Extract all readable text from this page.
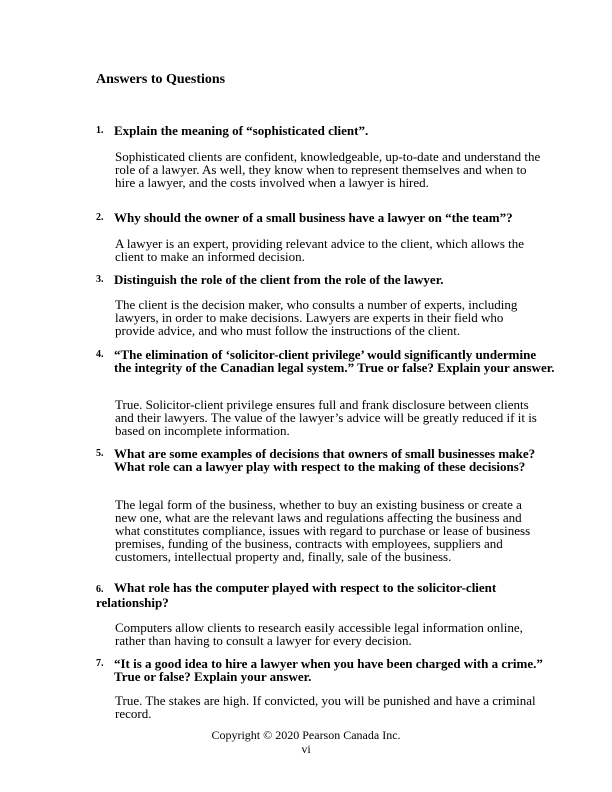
Answers to Questions
1. Explain the meaning of “sophisticated client”.
Sophisticated clients are confident, knowledgeable, up-to-date and understand the role of a lawyer. As well, they know when to represent themselves and when to hire a lawyer, and the costs involved when a lawyer is hired.
2. Why should the owner of a small business have a lawyer on “the team”?
A lawyer is an expert, providing relevant advice to the client, which allows the client to make an informed decision.
3. Distinguish the role of the client from the role of the lawyer.
The client is the decision maker, who consults a number of experts, including lawyers, in order to make decisions. Lawyers are experts in their field who provide advice, and who must follow the instructions of the client.
4. “The elimination of ‘solicitor-client privilege’ would significantly undermine the integrity of the Canadian legal system.” True or false? Explain your answer.
True. Solicitor-client privilege ensures full and frank disclosure between clients and their lawyers. The value of the lawyer’s advice will be greatly reduced if it is based on incomplete information.
5. What are some examples of decisions that owners of small businesses make? What role can a lawyer play with respect to the making of these decisions?
The legal form of the business, whether to buy an existing business or create a new one, what are the relevant laws and regulations affecting the business and what constitutes compliance, issues with regard to purchase or lease of business premises, funding of the business, contracts with employees, suppliers and customers, intellectual property and, finally, sale of the business.
6. What role has the computer played with respect to the solicitor-client relationship?
Computers allow clients to research easily accessible legal information online, rather than having to consult a lawyer for every decision.
7. “It is a good idea to hire a lawyer when you have been charged with a crime.” True or false? Explain your answer.
True. The stakes are high. If convicted, you will be punished and have a criminal record.
Copyright © 2020 Pearson Canada Inc.
vi
